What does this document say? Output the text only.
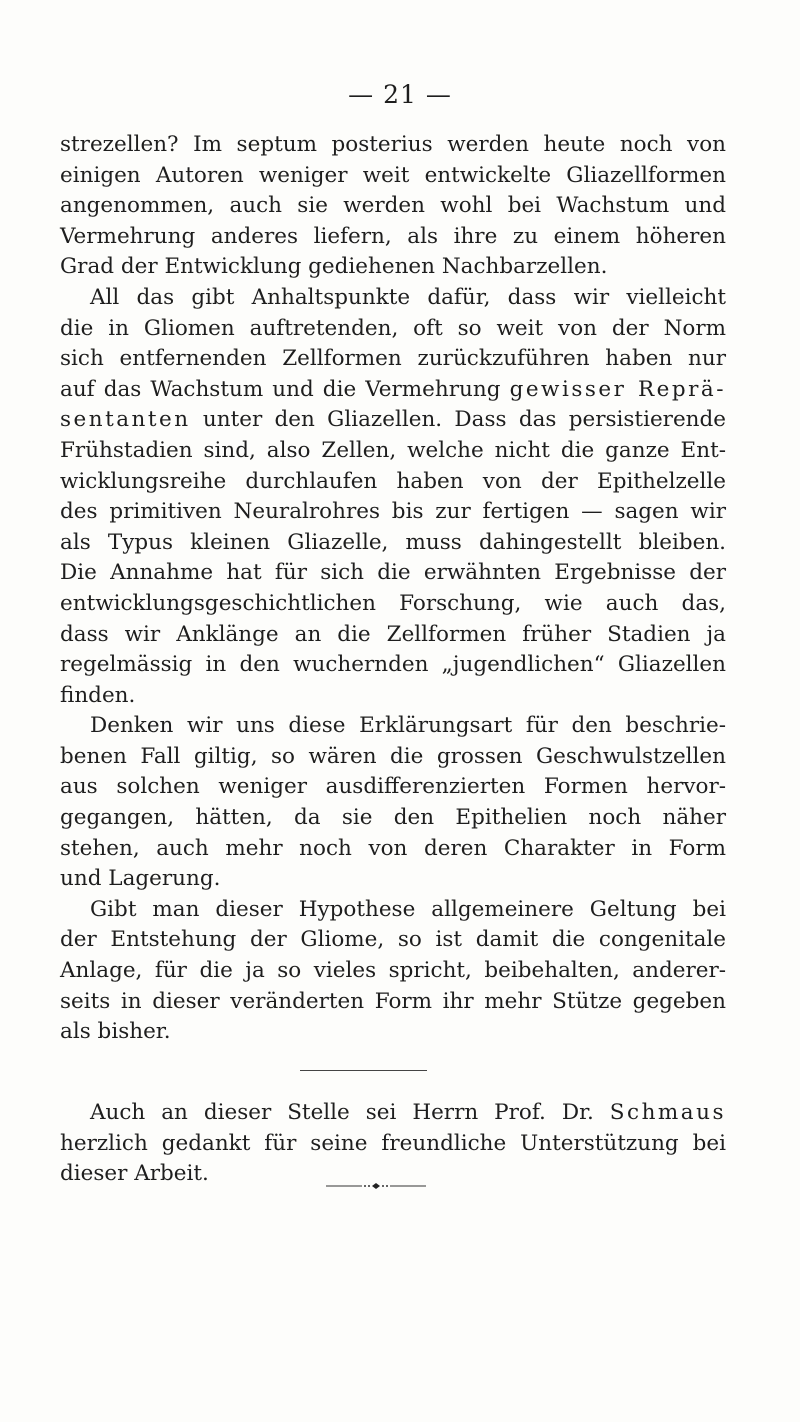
— 21 —
strezellen? Im septum posterius werden heute noch von
einigen Autoren weniger weit entwickelte Gliazellformen
angenommen, auch sie werden wohl bei Wachstum und
Vermehrung anderes liefern, als ihre zu einem höheren
Grad der Entwicklung gediehenen Nachbarzellen.
All das gibt Anhaltspunkte dafür, dass wir vielleicht
die in Gliomen auftretenden, oft so weit von der Norm
sich entfernenden Zellformen zurückzuführen haben nur
auf das Wachstum und die Vermehrung gewisser Reprä-
sentanten unter den Gliazellen. Dass das persistierende
Frühstadien sind, also Zellen, welche nicht die ganze Ent-
wicklungsreihe durchlaufen haben von der Epithelzelle
des primitiven Neuralrohres bis zur fertigen — sagen wir
als Typus kleinen Gliazelle, muss dahingestellt bleiben.
Die Annahme hat für sich die erwähnten Ergebnisse der
entwicklungsgeschichtlichen Forschung, wie auch das,
dass wir Anklänge an die Zellformen früher Stadien ja
regelmässig in den wuchernden „jugendlichen“ Gliazellen
finden.
Denken wir uns diese Erklärungsart für den beschrie-
benen Fall giltig, so wären die grossen Geschwulstzellen
aus solchen weniger ausdifferenzierten Formen hervor-
gegangen, hätten, da sie den Epithelien noch näher
stehen, auch mehr noch von deren Charakter in Form
und Lagerung.
Gibt man dieser Hypothese allgemeinere Geltung bei
der Entstehung der Gliome, so ist damit die congenitale
Anlage, für die ja so vieles spricht, beibehalten, anderer-
seits in dieser veränderten Form ihr mehr Stütze gegeben
als bisher.
Auch an dieser Stelle sei Herrn Prof. Dr. Schmaus
herzlich gedankt für seine freundliche Unterstützung bei
dieser Arbeit.
